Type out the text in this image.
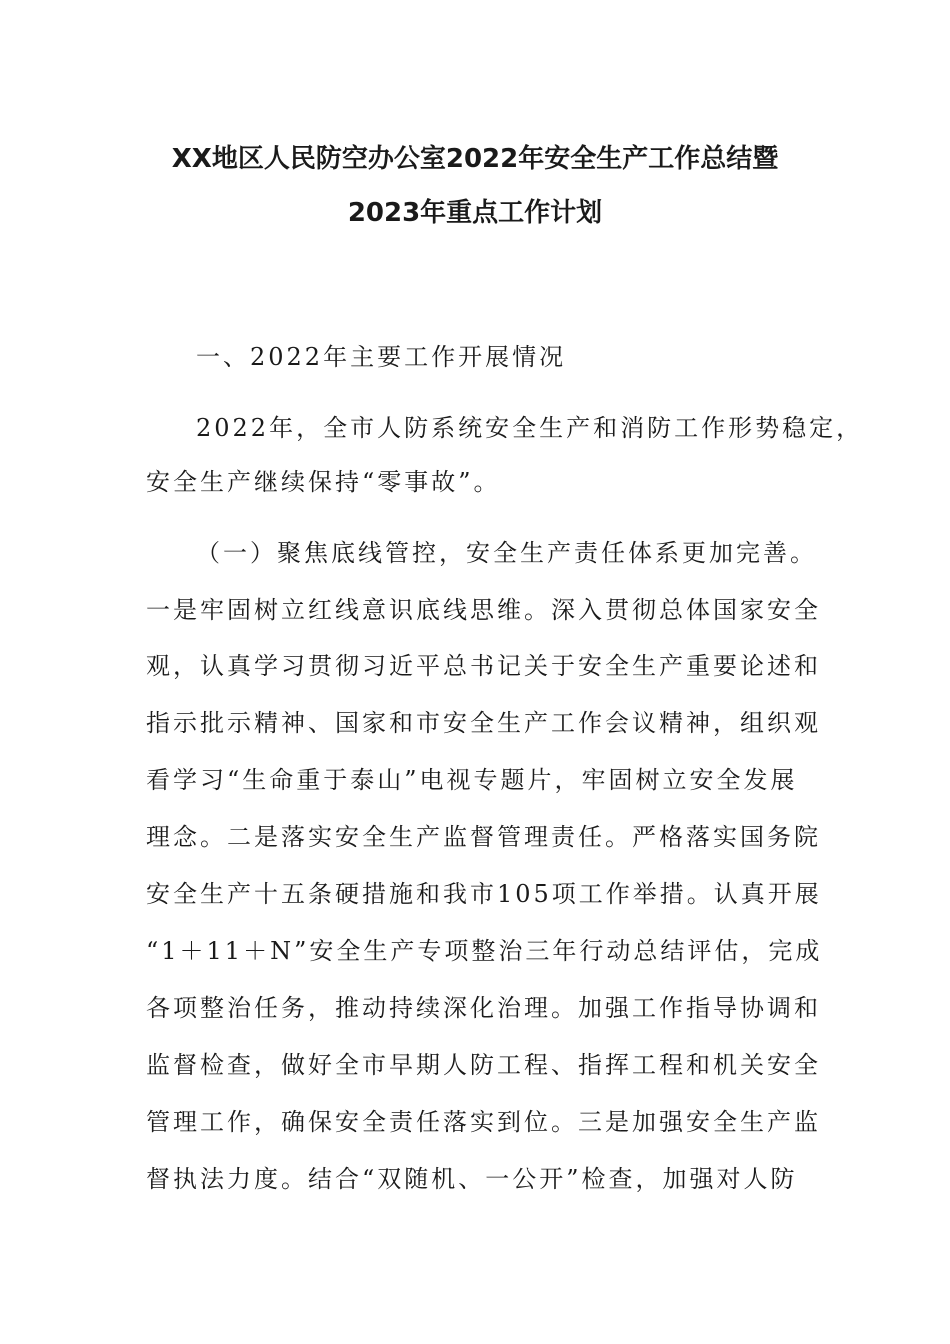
XX地区人民防空办公室2022年安全生产工作总结暨
2023年重点工作计划
一、2022年主要工作开展情况
2022年，全市人防系统安全生产和消防工作形势稳定，
安全生产继续保持“零事故”。
（一）聚焦底线管控，安全生产责任体系更加完善。
一是牢固树立红线意识底线思维。深入贯彻总体国家安全
观，认真学习贯彻习近平总书记关于安全生产重要论述和
指示批示精神、国家和市安全生产工作会议精神，组织观
看学习“生命重于泰山”电视专题片，牢固树立安全发展
理念。二是落实安全生产监督管理责任。严格落实国务院
安全生产十五条硬措施和我市105项工作举措。认真开展
“1＋11＋N”安全生产专项整治三年行动总结评估，完成
各项整治任务，推动持续深化治理。加强工作指导协调和
监督检查，做好全市早期人防工程、指挥工程和机关安全
管理工作，确保安全责任落实到位。三是加强安全生产监
督执法力度。结合“双随机、一公开”检查，加强对人防
